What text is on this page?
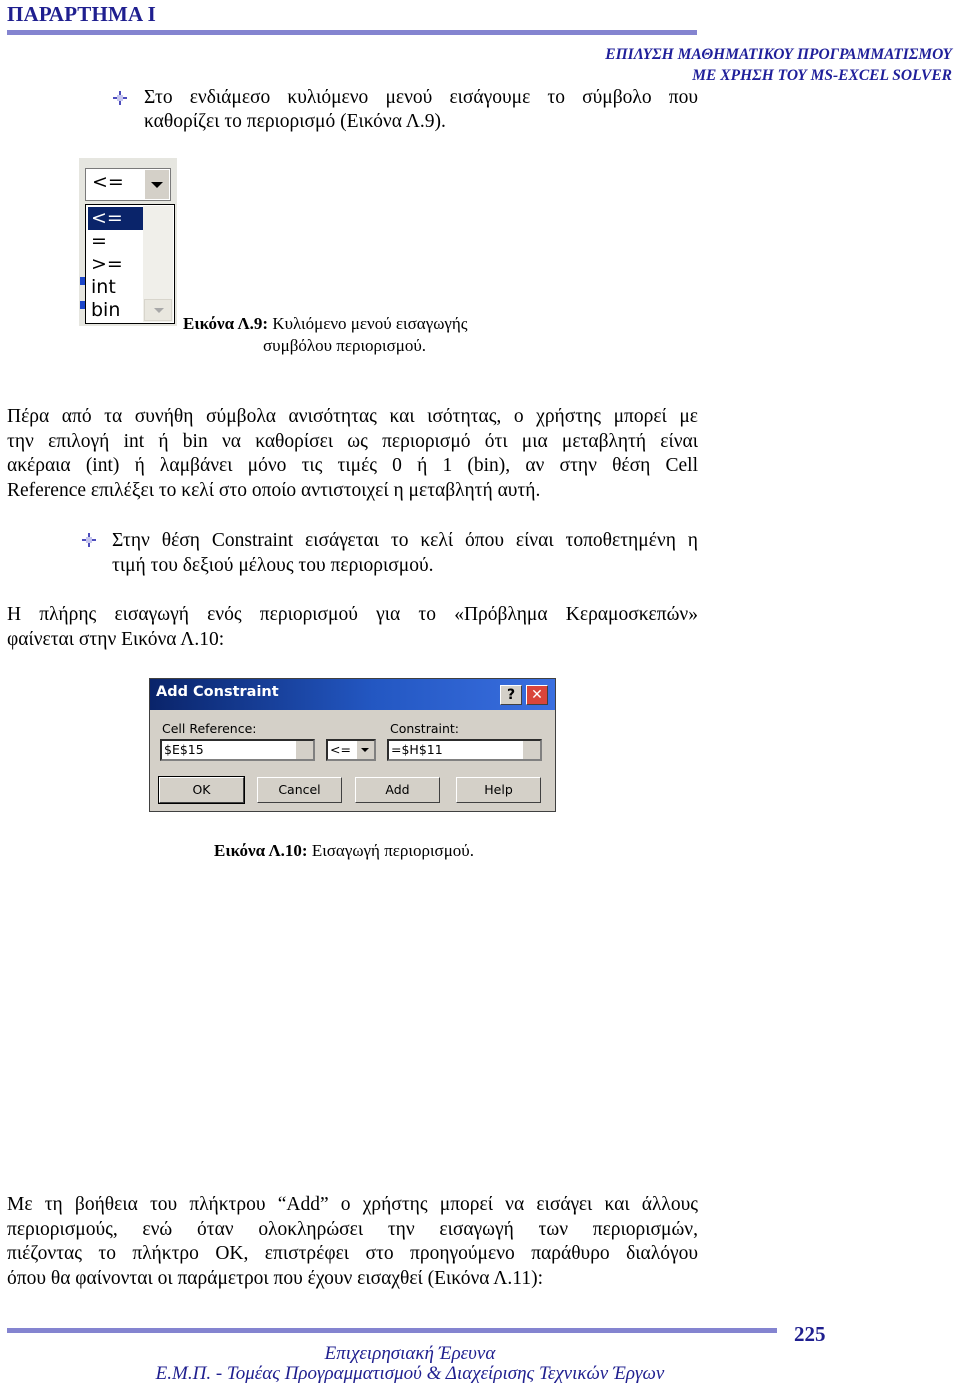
ΠΑΡΑΡΤΗΜΑ Ι
ΕΠΙΛΥΣΗ ΜΑΘΗΜΑΤΙΚΟΥ ΠΡΟΓΡΑΜΜΑΤΙΣΜΟΥ
ΜΕ ΧΡΗΣΗ ΤΟΥ MS-EXCEL SOLVER
Στο ενδιάμεσο κυλιόμενο μενού εισάγουμε το σύμβολο που
καθορίζει το περιορισμό (Εικόνα Λ.9).
<=
<=
=
>=
int
bin
Εικόνα Λ.9: Κυλιόμενο μενού εισαγωγής
συμβόλου περιορισμού.
Πέρα από τα συνήθη σύμβολα ανισότητας και ισότητας, ο χρήστης μπορεί με
την επιλογή int ή bin να καθορίσει ως περιορισμό ότι μια μεταβλητή είναι
ακέραια (int) ή λαμβάνει μόνο τις τιμές 0 ή 1 (bin), αν στην θέση Cell
Reference επιλέξει το κελί στο οποίο αντιστοιχεί η μεταβλητή αυτή.
Στην θέση Constraint εισάγεται το κελί όπου είναι τοποθετημένη η
τιμή του δεξιού μέλους του περιορισμού.
Η πλήρης εισαγωγή ενός περιορισμού για το «Πρόβλημα Κεραμοσκεπών»
φαίνεται στην Εικόνα Λ.10:
Add Constraint	?	✕
Cell Reference:
$E$15	<=
Constraint:
=$H$11
OK	Cancel	Add	Help
Εικόνα Λ.10: Εισαγωγή περιορισμού.
Με τη βοήθεια του πλήκτρου “Add” ο χρήστης μπορεί να εισάγει και άλλους
περιορισμούς, ενώ όταν ολοκληρώσει την εισαγωγή των περιορισμών,
πιέζοντας το πλήκτρο OK, επιστρέφει στο προηγούμενο παράθυρο διαλόγου
όπου θα φαίνονται οι παράμετροι που έχουν εισαχθεί (Εικόνα Λ.11):
225
Επιχειρησιακή Έρευνα
Ε.Μ.Π. - Τομέας Προγραμματισμού & Διαχείρισης Τεχνικών Έργων
